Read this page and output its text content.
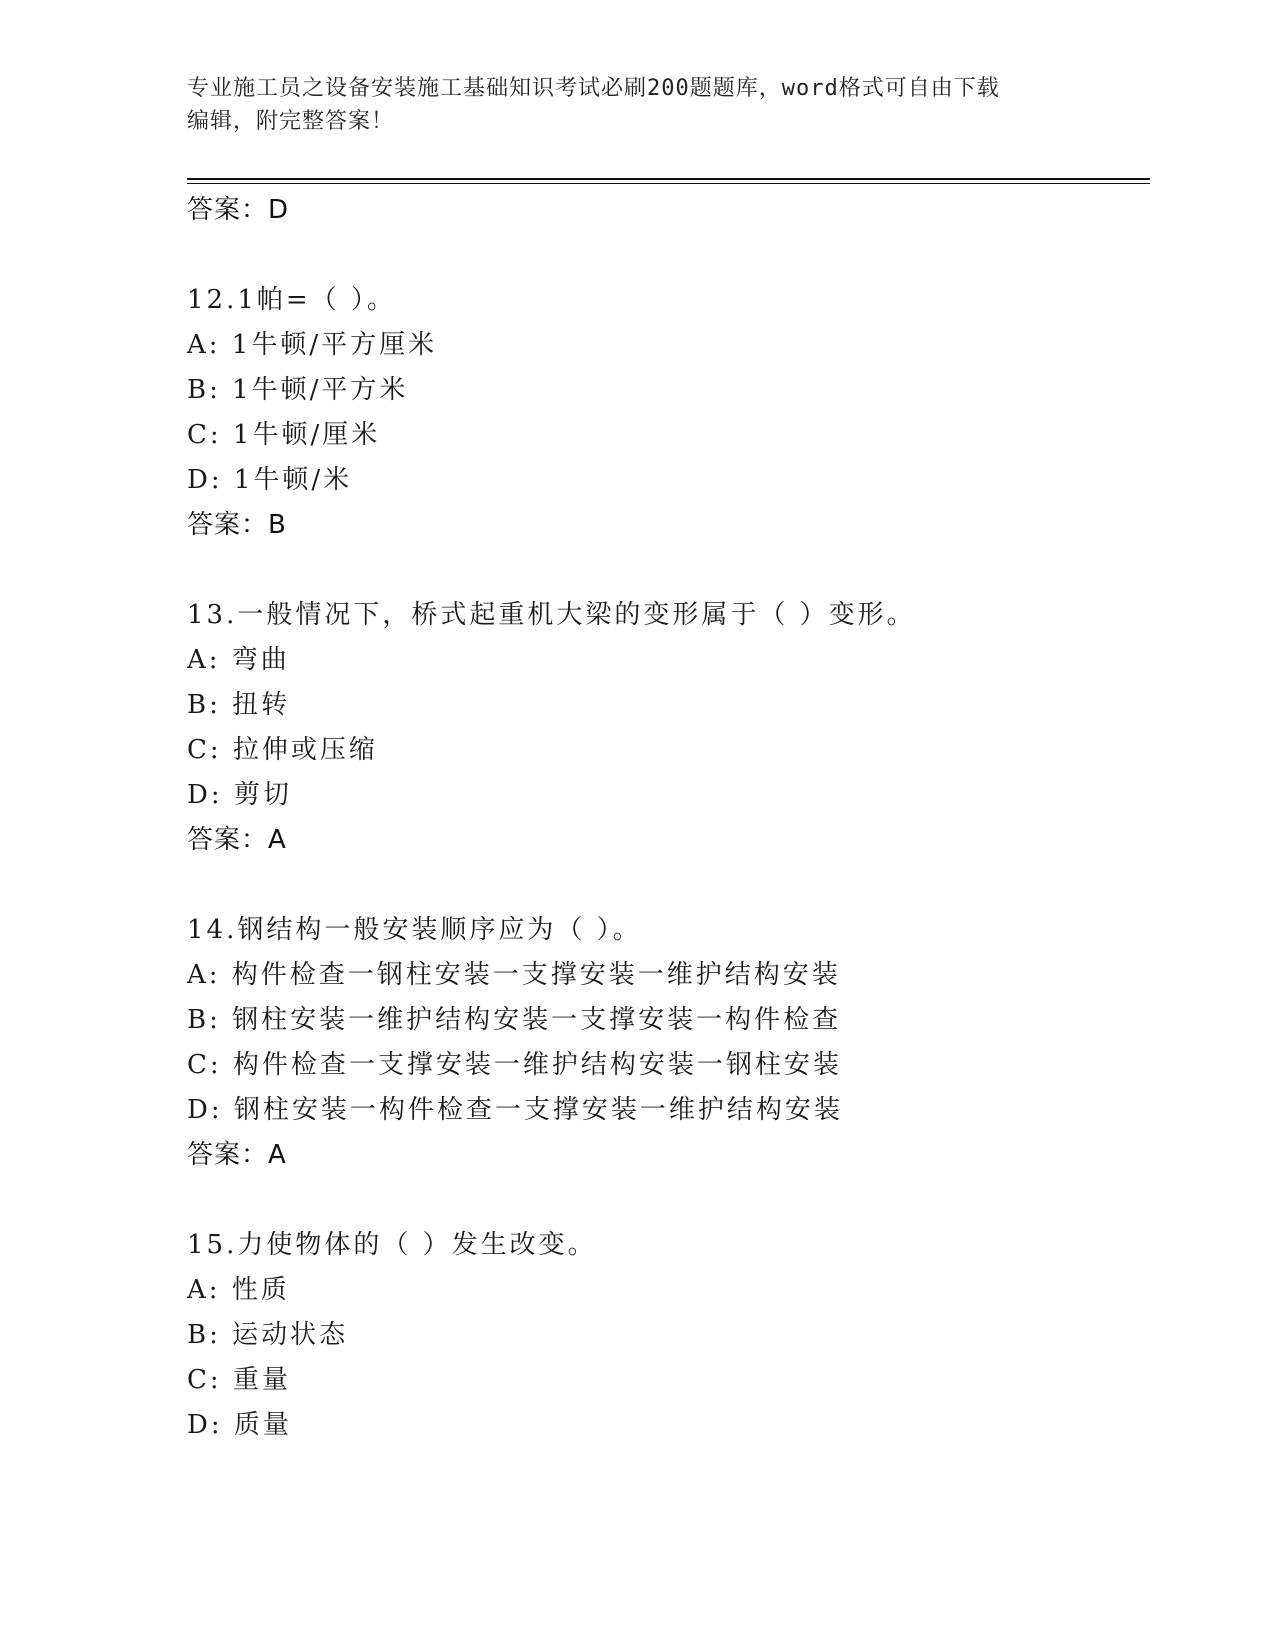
专业施工员之设备安装施工基础知识考试必刷200题题库，word格式可自由下载
编辑，附完整答案！
答案：D
12.1帕=（ ）。
A: 1牛顿/平方厘米
B: 1牛顿/平方米
C: 1牛顿/厘米
D: 1牛顿/米
答案：B
13.一般情况下，桥式起重机大梁的变形属于（ ）变形。
A: 弯曲
B: 扭转
C: 拉伸或压缩
D: 剪切
答案：A
14.钢结构一般安装顺序应为（ ）。
A: 构件检查一钢柱安装一支撑安装一维护结构安装
B: 钢柱安装一维护结构安装一支撑安装一构件检查
C: 构件检查一支撑安装一维护结构安装一钢柱安装
D: 钢柱安装一构件检查一支撑安装一维护结构安装
答案：A
15.力使物体的（ ）发生改变。
A: 性质
B: 运动状态
C: 重量
D: 质量
